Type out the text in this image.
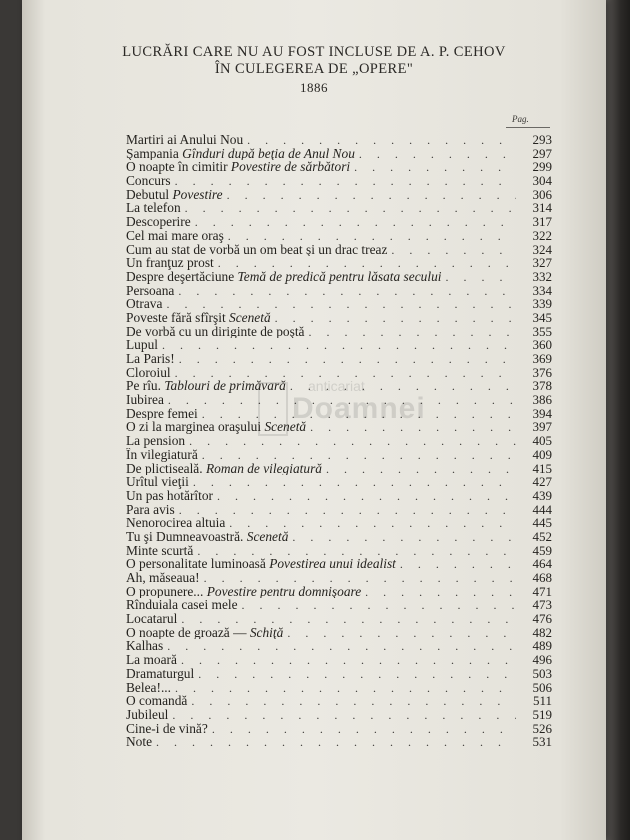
LUCRĂRI CARE NU AU FOST INCLUSE DE A. P. CEHOV
ÎN CULEGEREA DE „OPERE"
1886
Pag.
anticariat
Doamnei
Martiri ai Anului Nou . . .	293
Şampania Gînduri după beţia de Anul Nou . . .	297
O noapte în cimitir Povestire de sărbători . . .	299
Concurs . . .	304
Debutul Povestire . . .	306
La telefon . . .	314
Descoperire . . .	317
Cel mai mare oraş . . .	322
Cum au stat de vorbă un om beat şi un drac treaz . . .	324
Un franţuz prost . . .	327
Despre deşertăciune Temă de predică pentru lăsata secului . . .	332
Persoana . . .	334
Otrava . . .	339
Poveste fără sfîrşit Scenetă . . .	345
De vorbă cu un diriginte de poştă . . .	355
Lupul . . .	360
La Paris! . . .	369
Cloroiul . . .	376
Pe rîu. Tablouri de primăvară . . .	378
Iubirea . . .	386
Despre femei . . .	394
O zi la marginea oraşului Scenetă . . .	397
La pension . . .	405
În vilegiatură . . .	409
De plictiseală. Roman de vilegiatură . . .	415
Urîtul vieţii . . .	427
Un pas hotărîtor . . .	439
Para avis . . .	444
Nenorocirea altuia . . .	445
Tu şi Dumneavoastră. Scenetă . . .	452
Minte scurtă . . .	459
O personalitate luminoasă Povestirea unui idealist . . .	464
Ah, măseaua! . . .	468
O propunere... Povestire pentru domnişoare . . .	471
Rînduiala casei mele . . .	473
Locatarul . . .	476
O noapte de groază — Schiţă . . .	482
Kalhas . . .	489
La moară . . .	496
Dramaturgul . . .	503
Belea!... . . .	506
O comandă . . .	511
Jubileul . . .	519
Cine-i de vină? . . .	526
Note . . .	531
